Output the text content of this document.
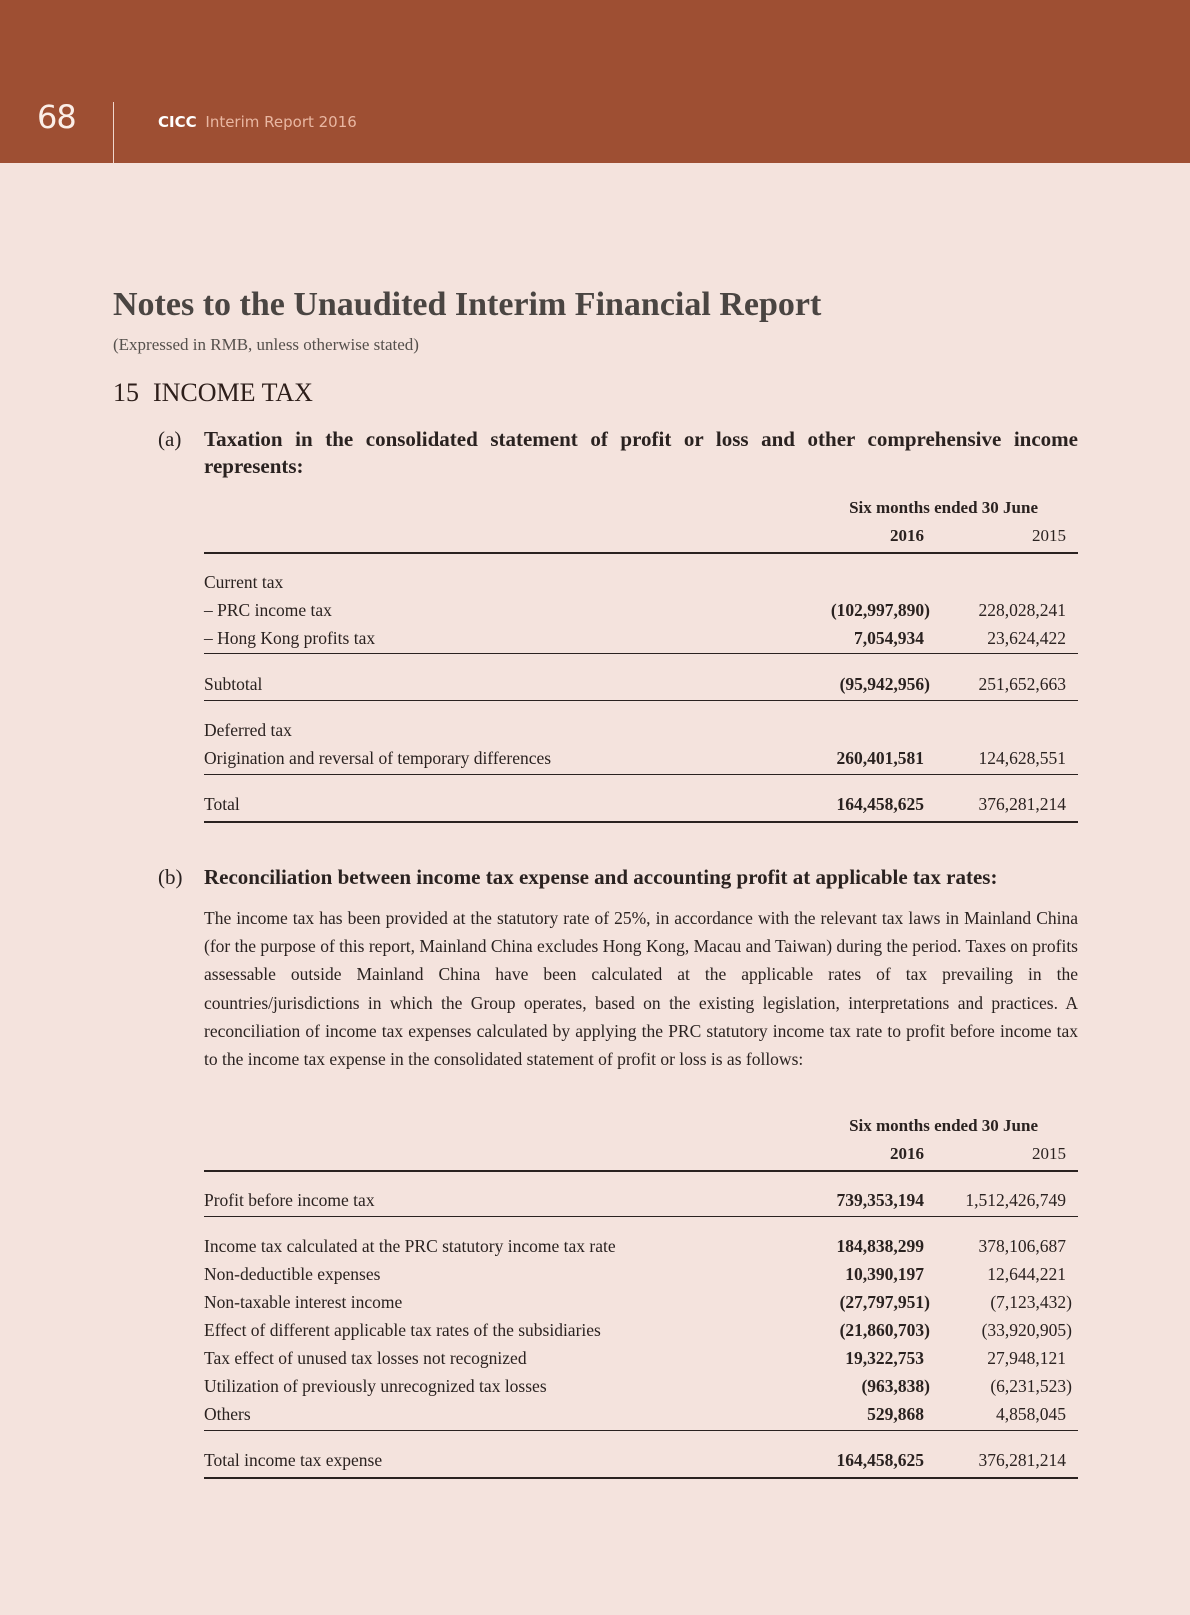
68	CICC Interim Report 2016
Notes to the Unaudited Interim Financial Report
(Expressed in RMB, unless otherwise stated)
15 INCOME TAX
(a) Taxation in the consolidated statement of profit or loss and other comprehensive income represents:
Six months ended 30 June
2016	2015
Current tax
– PRC income tax	(102,997,890)	228,028,241
– Hong Kong profits tax	7,054,934	23,624,422
Subtotal	(95,942,956)	251,652,663
Deferred tax
Origination and reversal of temporary differences	260,401,581	124,628,551
Total	164,458,625	376,281,214
(b) Reconciliation between income tax expense and accounting profit at applicable tax rates:
The income tax has been provided at the statutory rate of 25%, in accordance with the relevant tax laws in Mainland China (for the purpose of this report, Mainland China excludes Hong Kong, Macau and Taiwan) during the period. Taxes on profits assessable outside Mainland China have been calculated at the applicable rates of tax prevailing in the countries/jurisdictions in which the Group operates, based on the existing legislation, interpretations and practices. A reconciliation of income tax expenses calculated by applying the PRC statutory income tax rate to profit before income tax to the income tax expense in the consolidated statement of profit or loss is as follows:
Six months ended 30 June
2016	2015
Profit before income tax	739,353,194 1,512,426,749
Income tax calculated at the PRC statutory income tax rate	184,838,299	378,106,687
Non-deductible expenses	10,390,197	12,644,221
Non-taxable interest income	(27,797,951)	(7,123,432)
Effect of different applicable tax rates of the subsidiaries	(21,860,703)	(33,920,905)
Tax effect of unused tax losses not recognized	19,322,753	27,948,121
Utilization of previously unrecognized tax losses	(963,838)	(6,231,523)
Others	529,868	4,858,045
Total income tax expense	164,458,625	376,281,214
